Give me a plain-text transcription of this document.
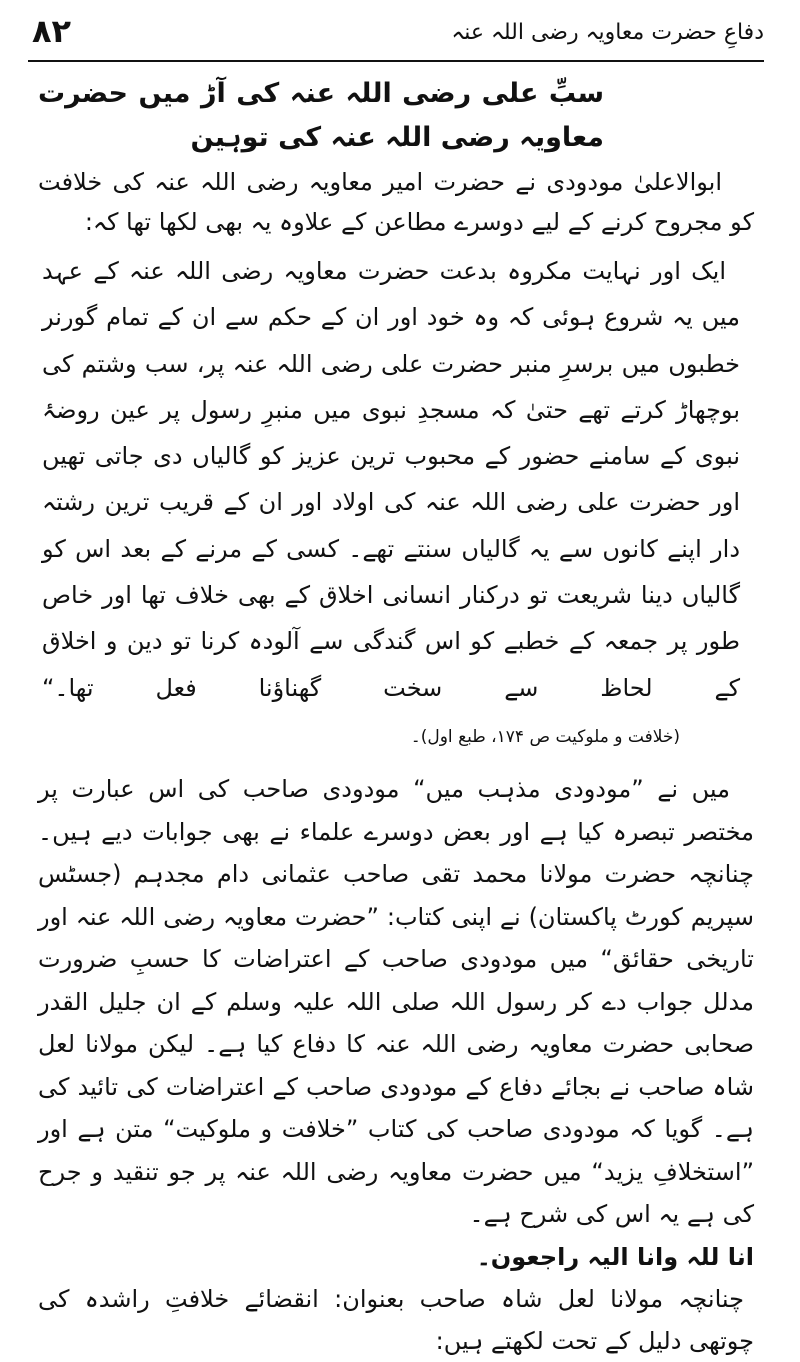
۸۲	دفاعِ حضرت معاویہ رضی اللہ عنہ
سبِّ علی رضی اللہ عنہ کی آڑ میں حضرت معاویہ رضی اللہ عنہ کی توہین

ابوالاعلیٰ مودودی نے حضرت امیر معاویہ رضی اللہ عنہ کی خلافت کو مجروح کرنے کے لیے دوسرے مطاعن کے علاوہ یہ بھی لکھا تھا کہ:

ایک اور نہایت مکروہ بدعت حضرت معاویہ رضی اللہ عنہ کے عہد میں یہ شروع ہوئی کہ وہ خود اور ان کے حکم سے ان کے تمام گورنر خطبوں میں برسرِ منبر حضرت علی رضی اللہ عنہ پر، سب وشتم کی بوچھاڑ کرتے تھے حتیٰ کہ مسجدِ نبوی میں منبرِ رسول پر عین روضۂ نبوی کے سامنے حضور کے محبوب ترین عزیز کو گالیاں دی جاتی تھیں اور حضرت علی رضی اللہ عنہ کی اولاد اور ان کے قریب ترین رشتہ دار اپنے کانوں سے یہ گالیاں سنتے تھے۔ کسی کے مرنے کے بعد اس کو گالیاں دینا شریعت تو درکنار انسانی اخلاق کے بھی خلاف تھا اور خاص طور پر جمعہ کے خطبے کو اس گندگی سے آلودہ کرنا تو دین و اخلاق کے لحاظ سے سخت گھناؤنا فعل تھا۔“ (خلافت و ملوکیت ص ۱۷۴، طبع اول)۔

میں نے ”مودودی مذہب میں“ مودودی صاحب کی اس عبارت پر مختصر تبصرہ کیا ہے اور بعض دوسرے علماء نے بھی جوابات دیے ہیں۔ چنانچہ حضرت مولانا محمد تقی صاحب عثمانی دام مجدہم (جسٹس سپریم کورٹ پاکستان) نے اپنی کتاب: ”حضرت معاویہ رضی اللہ عنہ اور تاریخی حقائق“ میں مودودی صاحب کے اعتراضات کا حسبِ ضرورت مدلل جواب دے کر رسول اللہ صلی اللہ علیہ وسلم کے ان جلیل القدر صحابی حضرت معاویہ رضی اللہ عنہ کا دفاع کیا ہے۔ لیکن مولانا لعل شاہ صاحب نے بجائے دفاع کے مودودی صاحب کے اعتراضات کی تائید کی ہے۔ گویا کہ مودودی صاحب کی کتاب ”خلافت و ملوکیت“ متن ہے اور ”استخلافِ یزید“ میں حضرت معاویہ رضی اللہ عنہ پر جو تنقید و جرح کی ہے یہ اس کی شرح ہے۔

انا للہ وانا الیہ راجعون۔

چنانچہ مولانا لعل شاہ صاحب بعنوان: انقضائے خلافتِ راشدہ کی چوتھی دلیل کے تحت لکھتے ہیں:
